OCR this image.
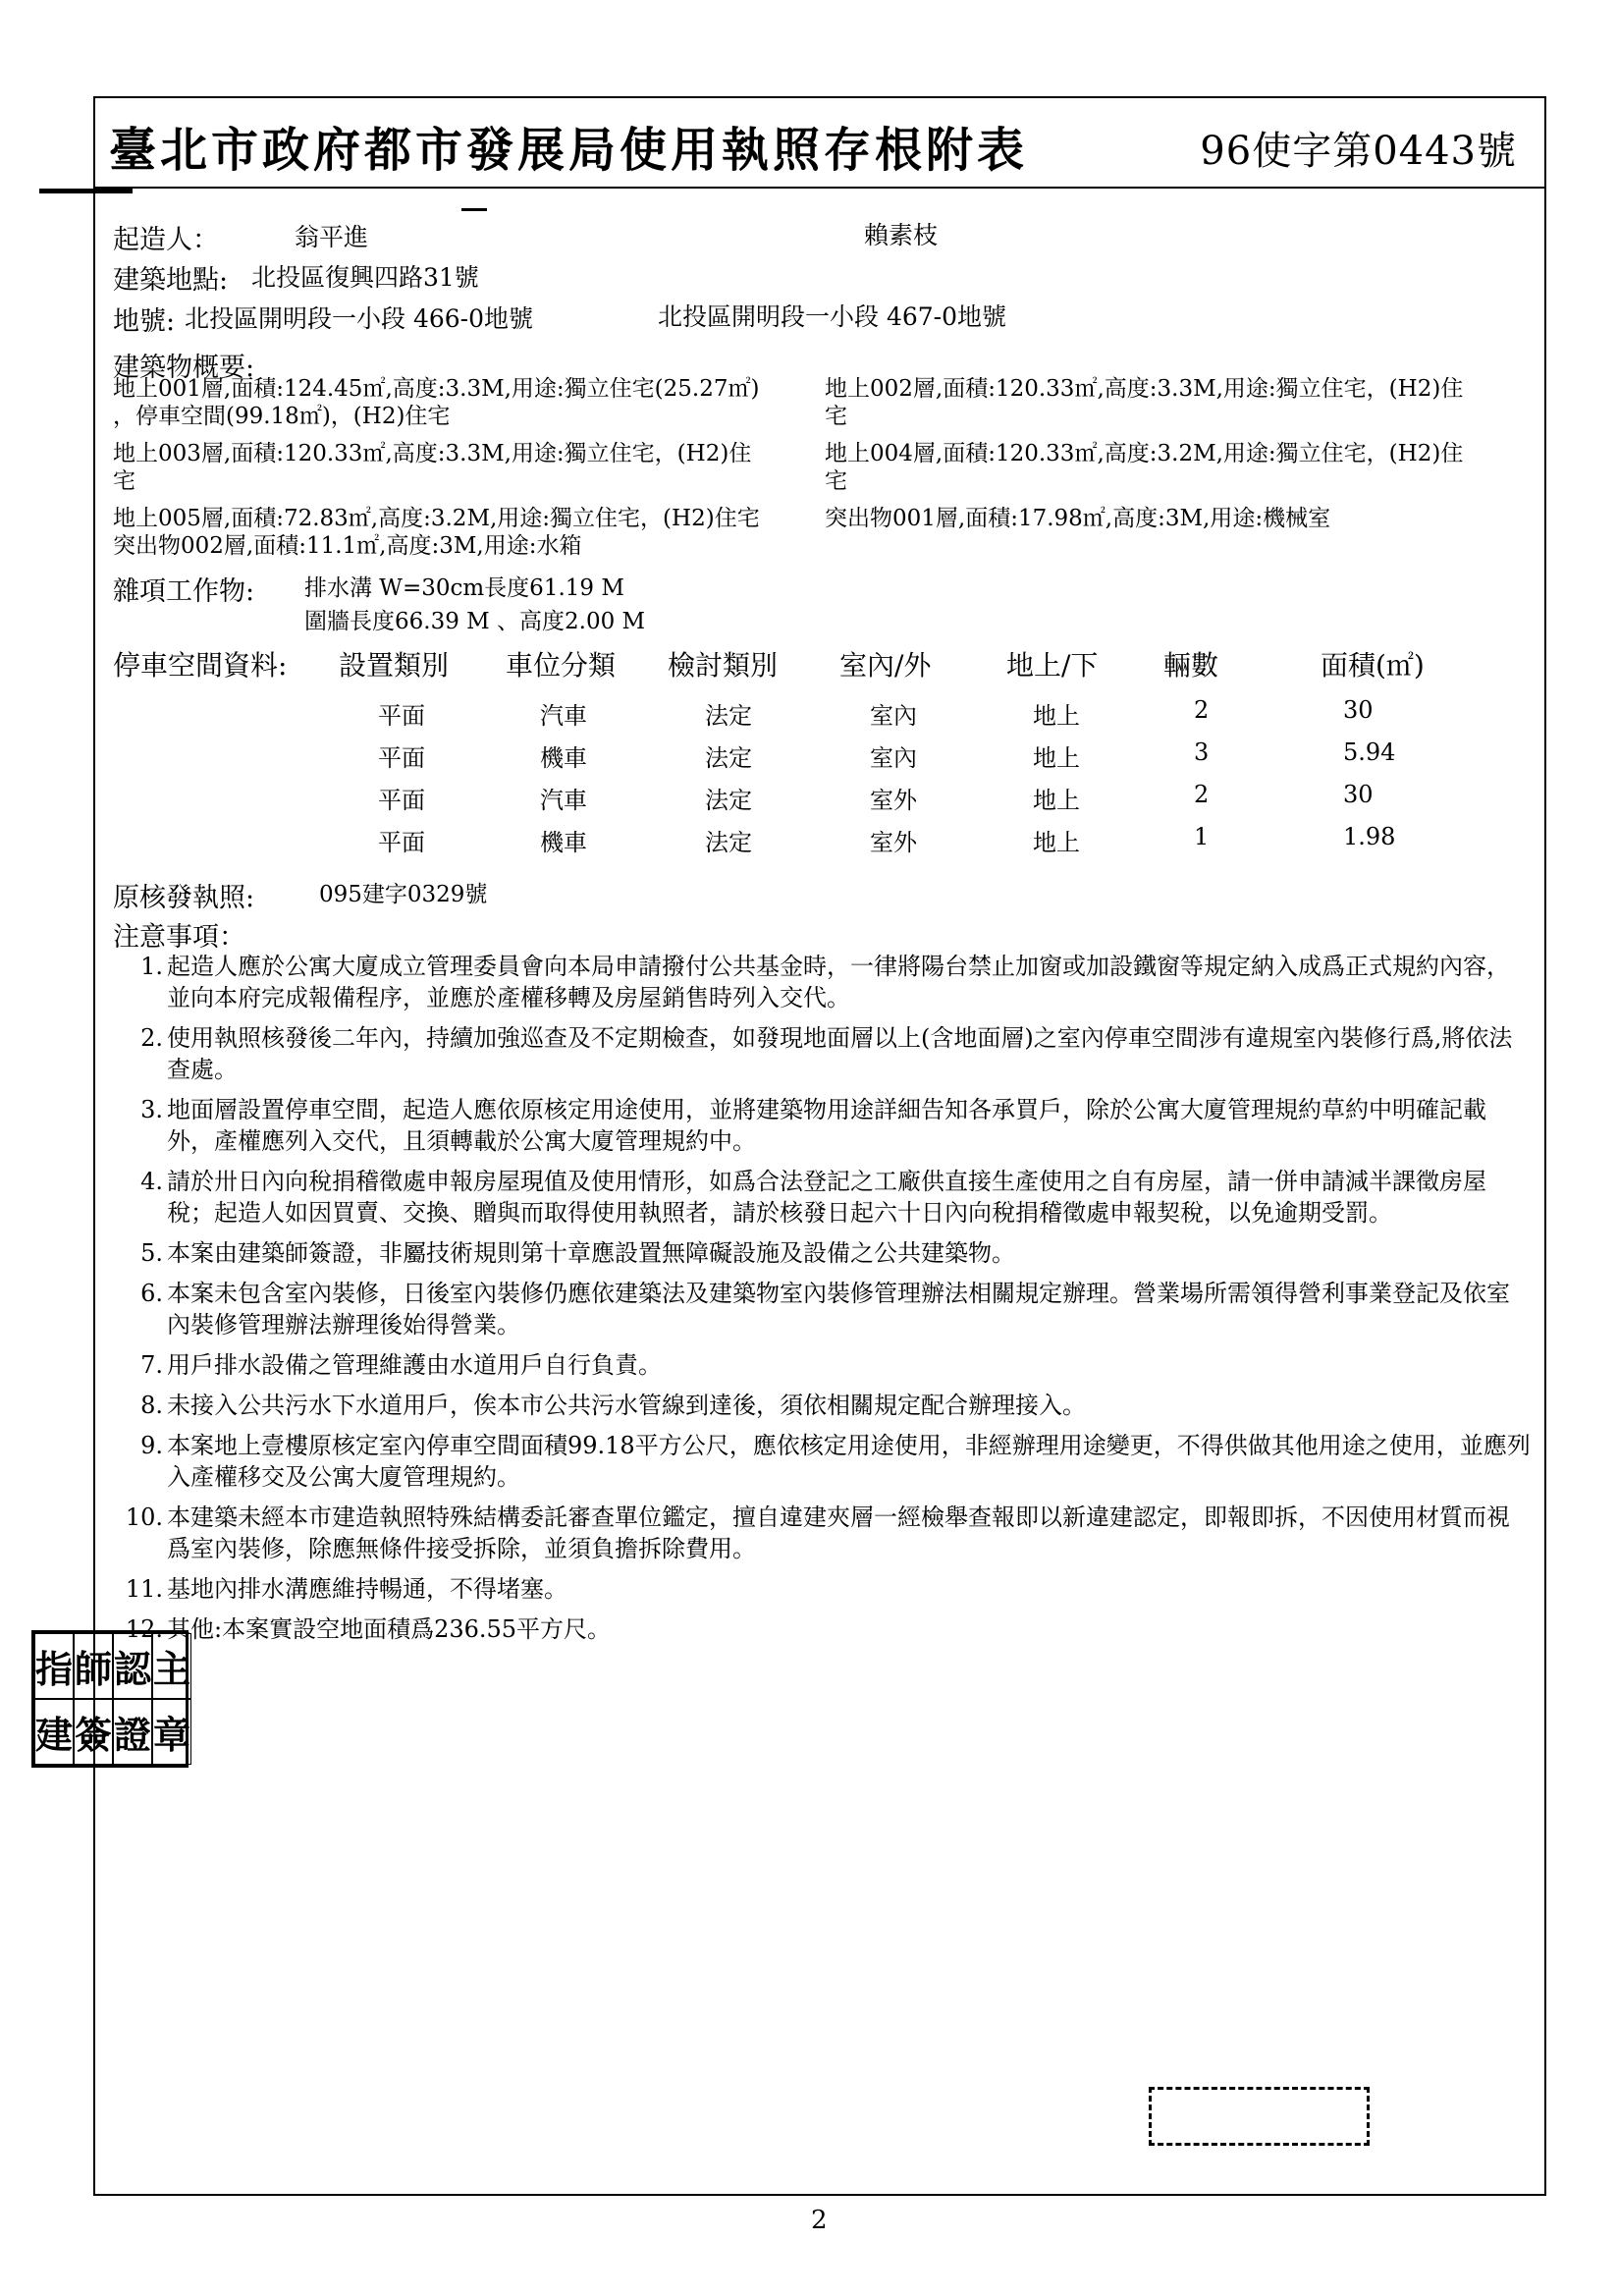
臺北市政府都市發展局使用執照存根附表	96使字第0443號
起造人：	翁平進	賴素枝
建築地點: 北投區復興四路31號
地號: 北投區開明段一小段 466-0地號	北投區開明段一小段 467-0地號
建築物概要:
地上001層,面積:124.45㎡,高度:3.3M,用途:獨立住宅(25.27㎡)
，停車空間(99.18㎡)，(H2)住宅
地上002層,面積:120.33㎡,高度:3.3M,用途:獨立住宅，(H2)住
宅
地上003層,面積:120.33㎡,高度:3.3M,用途:獨立住宅，(H2)住
宅
地上004層,面積:120.33㎡,高度:3.2M,用途:獨立住宅，(H2)住
宅
地上005層,面積:72.83㎡,高度:3.2M,用途:獨立住宅，(H2)住宅	突出物001層,面積:17.98㎡,高度:3M,用途:機械室
突出物002層,面積:11.1㎡,高度:3M,用途:水箱
雜項工作物: 排水溝 W=30cm長度61.19 M
圍牆長度66.39 M 、高度2.00 M
停車空間資料: 設置類別 車位分類 檢討類別 室內/外	地上/下 輛數	面積(㎡)
平面	汽車	法定	室內	地上	2	30
平面	機車	法定	室內	地上	3	5.94
平面	汽車	法定	室外	地上	2	30
平面	機車	法定	室外	地上	1	1.98
原核發執照:	095建字0329號
注意事項：
1. 起造人應於公寓大廈成立管理委員會向本局申請撥付公共基金時，一律將陽台禁止加窗或加設鐵窗等規定納入成爲正式規約內容，並向本府完成報備程序，並應於產權移轉及房屋銷售時列入交代。
2. 使用執照核發後二年內，持續加強巡查及不定期檢查，如發現地面層以上(含地面層)之室內停車空間涉有違規室內裝修行爲,將依法查處。
3. 地面層設置停車空間，起造人應依原核定用途使用，並將建築物用途詳細告知各承買戶，除於公寓大廈管理規約草約中明確記載外，產權應列入交代，且須轉載於公寓大廈管理規約中。
4. 請於卅日內向稅捐稽徵處申報房屋現值及使用情形，如爲合法登記之工廠供直接生產使用之自有房屋，請一併申請減半課徵房屋稅；起造人如因買賣、交換、贈與而取得使用執照者，請於核發日起六十日內向稅捐稽徵處申報契稅，以免逾期受罰。
5. 本案由建築師簽證，非屬技術規則第十章應設置無障礙設施及設備之公共建築物。
6. 本案未包含室內裝修，日後室內裝修仍應依建築法及建築物室內裝修管理辦法相關規定辦理。營業場所需領得營利事業登記及依室內裝修管理辦法辦理後始得營業。
7. 用戶排水設備之管理維護由水道用戶自行負責。
8. 未接入公共污水下水道用戶，俟本市公共污水管線到達後，須依相關規定配合辦理接入。
9. 本案地上壹樓原核定室內停車空間面積99.18平方公尺，應依核定用途使用，非經辦理用途變更，不得供做其他用途之使用，並應列入產權移交及公寓大廈管理規約。
10. 本建築未經本市建造執照特殊結構委託審查單位鑑定，擅自違建夾層一經檢舉查報即以新違建認定，即報即拆，不因使用材質而視爲室內裝修，除應無條件接受拆除，並須負擔拆除費用。
11. 基地內排水溝應維持暢通，不得堵塞。
12. 其他:本案實設空地面積爲236.55平方尺。
指 師 認 主
建 簽 證 章
2
